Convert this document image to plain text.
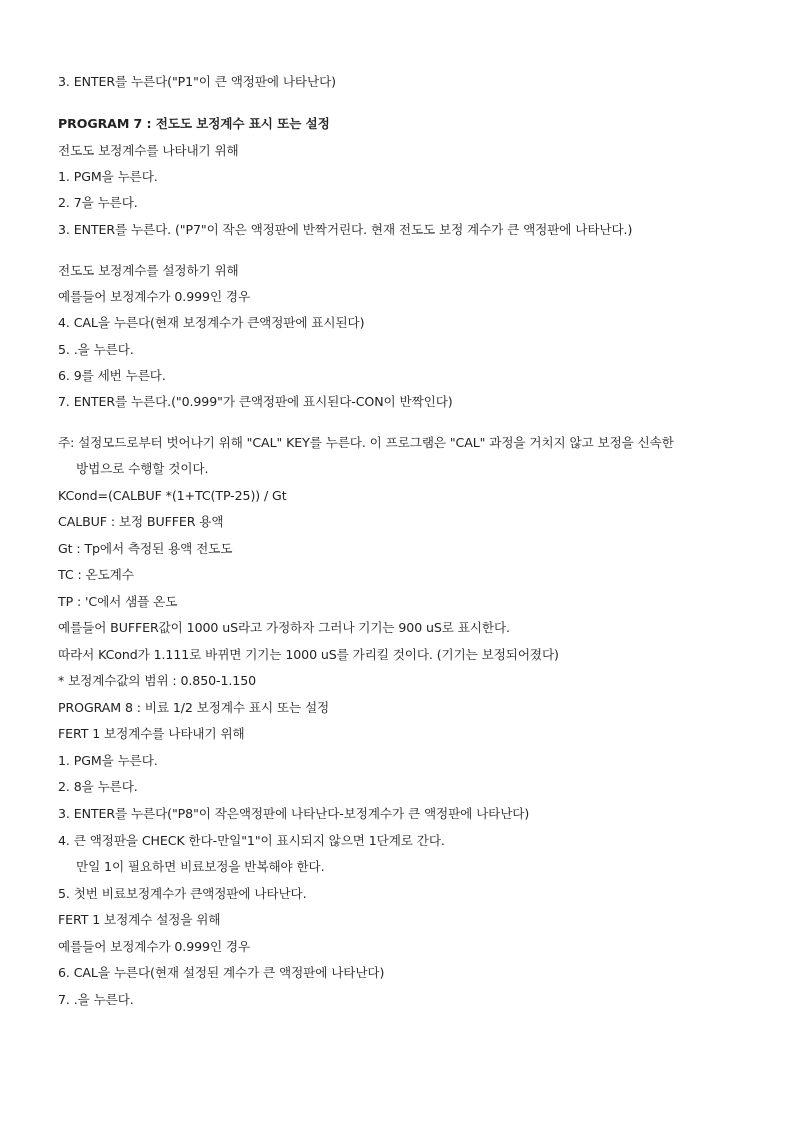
3. ENTER를 누른다("P1"이 큰 액정판에 나타난다)
PROGRAM 7 : 전도도 보정계수 표시 또는 설정
전도도 보정계수를 나타내기 위해
1. PGM을 누른다.
2. 7을 누른다.
3. ENTER를 누른다. ("P7"이 작은 액정판에 반짝거린다. 현재 전도도 보정 계수가 큰 액정판에 나타난다.)
전도도 보정계수를 설정하기 위해
예를들어 보정계수가 0.999인 경우
4. CAL을 누른다(현재 보정계수가 큰액정판에 표시된다)
5. .을 누른다.
6. 9를 세번 누른다.
7. ENTER를 누른다.("0.999"가 큰액정판에 표시된다-CON이 반짝인다)
주: 설정모드로부터 벗어나기 위해 "CAL" KEY를 누른다. 이 프로그램은 "CAL" 과정을 거치지 않고 보정을 신속한
방법으로 수행할 것이다.
KCond=(CALBUF *(1+TC(TP-25)) / Gt
CALBUF : 보정 BUFFER 용액
Gt : Tp에서 측정된 용액 전도도
TC : 온도계수
TP : 'C에서 샘플 온도
예를들어 BUFFER값이 1000 uS라고 가정하자 그러나 기기는 900 uS로 표시한다.
따라서 KCond가 1.111로 바뀌면 기기는 1000 uS를 가리킬 것이다. (기기는 보정되어졌다)
* 보정계수값의 범위 : 0.850-1.150
PROGRAM 8 : 비료 1/2 보정계수 표시 또는 설정
FERT 1 보정계수를 나타내기 위해
1. PGM을 누른다.
2. 8을 누른다.
3. ENTER를 누른다("P8"이 작은액정판에 나타난다-보정계수가 큰 액정판에 나타난다)
4. 큰 액정판을 CHECK 한다-만일"1"이 표시되지 않으면 1단계로 간다.
만일 1이 필요하면 비료보정을 반복해야 한다.
5. 첫번 비료보정계수가 큰액정판에 나타난다.
FERT 1 보정계수 설정을 위해
예를들어 보정계수가 0.999인 경우
6. CAL을 누른다(현재 설정된 계수가 큰 액정판에 나타난다)
7. .을 누른다.
